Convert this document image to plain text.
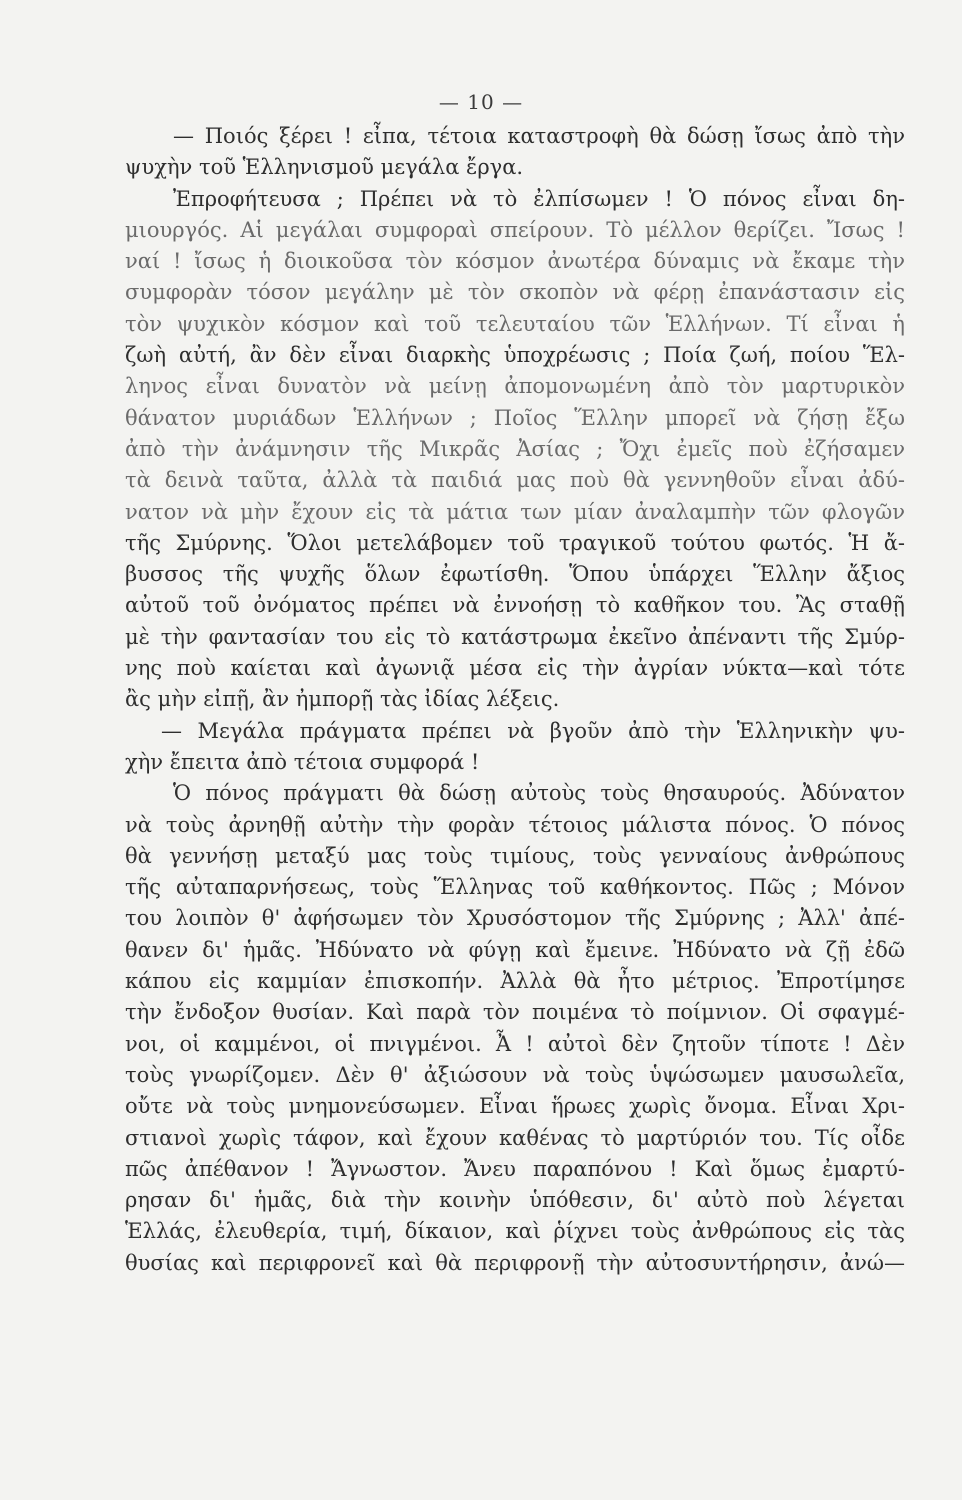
— 10 —
— Ποιός ξέρει ! εἶπα, τέτοια καταστροφὴ θὰ δώσῃ ἴσως ἀπὸ τὴν
ψυχὴν τοῦ Ἑλληνισμοῦ μεγάλα ἔργα.
Ἐπροφήτευσα ; Πρέπει νὰ τὸ ἐλπίσωμεν ! Ὁ πόνος εἶναι δη-
μιουργός. Αἱ μεγάλαι συμφοραὶ σπείρουν. Τὸ μέλλον θερίζει. Ἴσως !
ναί ! ἴσως ἡ διοικοῦσα τὸν κόσμον ἀνωτέρα δύναμις νὰ ἔκαμε τὴν
συμφορὰν τόσον μεγάλην μὲ τὸν σκοπὸν νὰ φέρῃ ἐπανάστασιν εἰς
τὸν ψυχικὸν κόσμον καὶ τοῦ τελευταίου τῶν Ἑλλήνων. Τί εἶναι ἡ
ζωὴ αὐτή, ἂν δὲν εἶναι διαρκὴς ὑποχρέωσις ; Ποία ζωή, ποίου Ἕλ-
ληνος εἶναι δυνατὸν νὰ μείνῃ ἀπομονωμένη ἀπὸ τὸν μαρτυρικὸν
θάνατον μυριάδων Ἑλλήνων ; Ποῖος Ἕλλην μπορεῖ νὰ ζήσῃ ἔξω
ἀπὸ τὴν ἀνάμνησιν τῆς Μικρᾶς Ἀσίας ; Ὄχι ἐμεῖς ποὺ ἐζήσαμεν
τὰ δεινὰ ταῦτα, ἀλλὰ τὰ παιδιά μας ποὺ θὰ γεννηθοῦν εἶναι ἀδύ-
νατον νὰ μὴν ἔχουν εἰς τὰ μάτια των μίαν ἀναλαμπὴν τῶν φλογῶν
τῆς Σμύρνης. Ὅλοι μετελάβομεν τοῦ τραγικοῦ τούτου φωτός. Ἡ ἄ-
βυσσος τῆς ψυχῆς ὅλων ἐφωτίσθη. Ὅπου ὑπάρχει Ἕλλην ἄξιος
αὐτοῦ τοῦ ὀνόματος πρέπει νὰ ἐννοήσῃ τὸ καθῆκον του. Ἂς σταθῇ
μὲ τὴν φαντασίαν του εἰς τὸ κατάστρωμα ἐκεῖνο ἀπέναντι τῆς Σμύρ-
νης ποὺ καίεται καὶ ἀγωνιᾷ μέσα εἰς τὴν ἀγρίαν νύκτα—καὶ τότε
ἂς μὴν εἰπῇ, ἂν ἠμπορῇ τὰς ἰδίας λέξεις.
— Μεγάλα πράγματα πρέπει νὰ βγοῦν ἀπὸ τὴν Ἑλληνικὴν ψυ-
χὴν ἔπειτα ἀπὸ τέτοια συμφορά !
Ὁ πόνος πράγματι θὰ δώσῃ αὐτοὺς τοὺς θησαυρούς. Ἀδύνατον
νὰ τοὺς ἀρνηθῇ αὐτὴν τὴν φορὰν τέτοιος μάλιστα πόνος. Ὁ πόνος
θὰ γεννήσῃ μεταξύ μας τοὺς τιμίους, τοὺς γενναίους ἀνθρώπους
τῆς αὐταπαρνήσεως, τοὺς Ἕλληνας τοῦ καθήκοντος. Πῶς ; Μόνον
του λοιπὸν θ' ἀφήσωμεν τὸν Χρυσόστομον τῆς Σμύρνης ; Ἀλλ' ἀπέ-
θανεν δι' ἡμᾶς. Ἠδύνατο νὰ φύγῃ καὶ ἔμεινε. Ἠδύνατο νὰ ζῇ ἐδῶ
κάπου εἰς καμμίαν ἐπισκοπήν. Ἀλλὰ θὰ ἦτο μέτριος. Ἐπροτίμησε
τὴν ἔνδοξον θυσίαν. Καὶ παρὰ τὸν ποιμένα τὸ ποίμνιον. Οἱ σφαγμέ-
νοι, οἱ καμμένοι, οἱ πνιγμένοι. Ἆ ! αὐτοὶ δὲν ζητοῦν τίποτε ! Δὲν
τοὺς γνωρίζομεν. Δὲν θ' ἀξιώσουν νὰ τοὺς ὑψώσωμεν μαυσωλεῖα,
οὔτε νὰ τοὺς μνημονεύσωμεν. Εἶναι ἥρωες χωρὶς ὄνομα. Εἶναι Χρι-
στιανοὶ χωρὶς τάφον, καὶ ἔχουν καθένας τὸ μαρτύριόν του. Τίς οἶδε
πῶς ἀπέθανον ! Ἄγνωστον. Ἄνευ παραπόνου ! Καὶ ὅμως ἐμαρτύ-
ρησαν δι' ἡμᾶς, διὰ τὴν κοινὴν ὑπόθεσιν, δι' αὐτὸ ποὺ λέγεται
Ἑλλάς, ἐλευθερία, τιμή, δίκαιον, καὶ ῥίχνει τοὺς ἀνθρώπους εἰς τὰς
θυσίας καὶ περιφρονεῖ καὶ θὰ περιφρονῇ τὴν αὐτοσυντήρησιν, ἀνώ—
